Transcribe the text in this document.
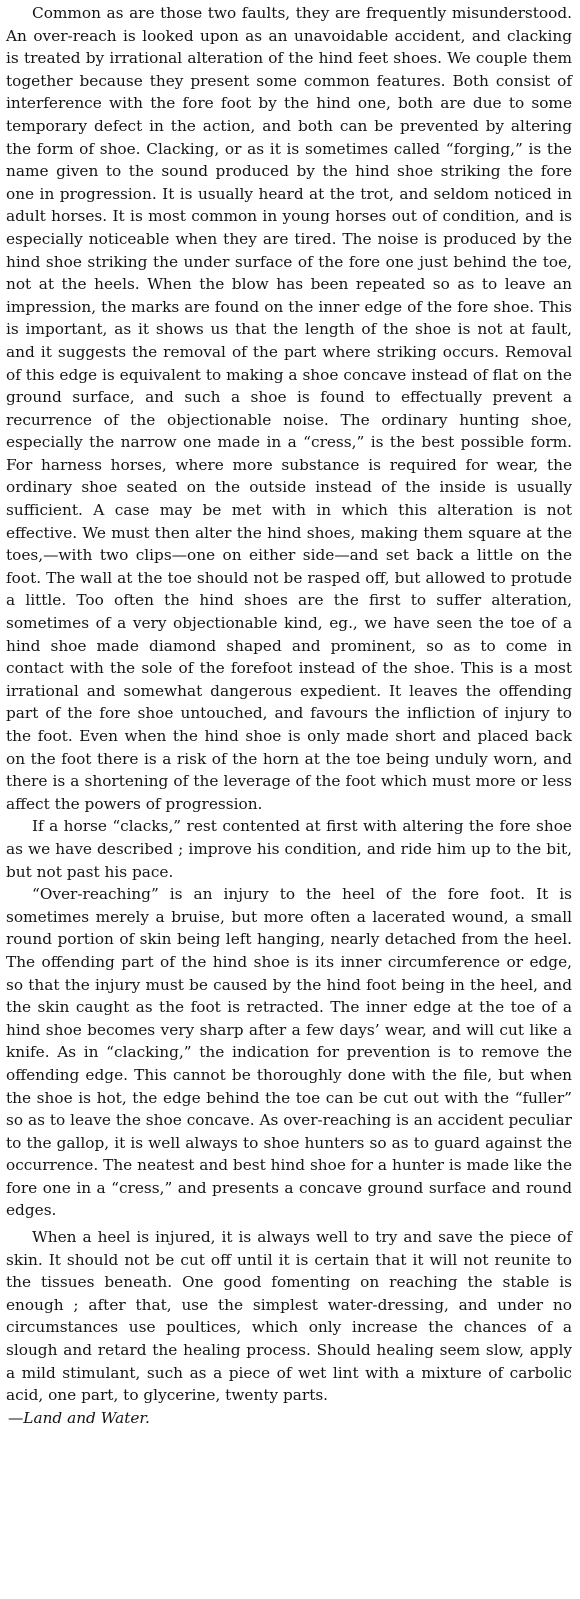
Common as are those two faults, they are frequently misunderstood. An over-reach is looked upon as an unavoidable accident, and clacking is treated by irrational alteration of the hind feet shoes. We couple them together because they present some common features. Both consist of interference with the fore foot by the hind one, both are due to some temporary defect in the action, and both can be prevented by altering the form of shoe. Clacking, or as it is sometimes called “forging,” is the name given to the sound produced by the hind shoe striking the fore one in progression. It is usually heard at the trot, and seldom noticed in adult horses. It is most common in young horses out of condition, and is especially noticeable when they are tired. The noise is produced by the hind shoe striking the under surface of the fore one just behind the toe, not at the heels. When the blow has been repeated so as to leave an impression, the marks are found on the inner edge of the fore shoe. This is important, as it shows us that the length of the shoe is not at fault, and it suggests the removal of the part where striking occurs. Removal of this edge is equivalent to making a shoe concave instead of flat on the ground surface, and such a shoe is found to effectually prevent a recurrence of the objectionable noise. The ordinary hunting shoe, especially the narrow one made in a “cress,” is the best possible form. For harness horses, where more substance is required for wear, the ordinary shoe seated on the outside instead of the inside is usually sufficient. A case may be met with in which this alteration is not effective. We must then alter the hind shoes, making them square at the toes,—with two clips—one on either side—and set back a little on the foot. The wall at the toe should not be rasped off, but allowed to protude a little. Too often the hind shoes are the first to suffer alteration, sometimes of a very objectionable kind, eg., we have seen the toe of a hind shoe made diamond shaped and prominent, so as to come in contact with the sole of the forefoot instead of the shoe. This is a most irrational and somewhat dangerous expedient. It leaves the offending part of the fore shoe untouched, and favours the infliction of injury to the foot. Even when the hind shoe is only made short and placed back on the foot there is a risk of the horn at the toe being unduly worn, and there is a shortening of the leverage of the foot which must more or less affect the powers of progression.

If a horse “clacks,” rest contented at first with altering the fore shoe as we have described ; improve his condition, and ride him up to the bit, but not past his pace.

“Over-reaching” is an injury to the heel of the fore foot. It is sometimes merely a bruise, but more often a lacerated wound, a small round portion of skin being left hanging, nearly detached from the heel. The offending part of the hind shoe is its inner circumference or edge, so that the injury must be caused by the hind foot being in the heel, and the skin caught as the foot is retracted. The inner edge at the toe of a hind shoe becomes very sharp after a few days’ wear, and will cut like a knife. As in “clacking,” the indication for prevention is to remove the offending edge. This cannot be thoroughly done with the file, but when the shoe is hot, the edge behind the toe can be cut out with the “fuller” so as to leave the shoe concave. As over-reaching is an accident peculiar to the gallop, it is well always to shoe hunters so as to guard against the occurrence. The neatest and best hind shoe for a hunter is made like the fore one in a “cress,” and presents a concave ground surface and round edges.

When a heel is injured, it is always well to try and save the piece of skin. It should not be cut off until it is certain that it will not reunite to the tissues beneath. One good fomenting on reaching the stable is enough ; after that, use the simplest water-dressing, and under no circumstances use poultices, which only increase the chances of a slough and retard the healing process. Should healing seem slow, apply a mild stimulant, such as a piece of wet lint with a mixture of carbolic acid, one part, to glycerine, twenty parts.

—Land and Water.
